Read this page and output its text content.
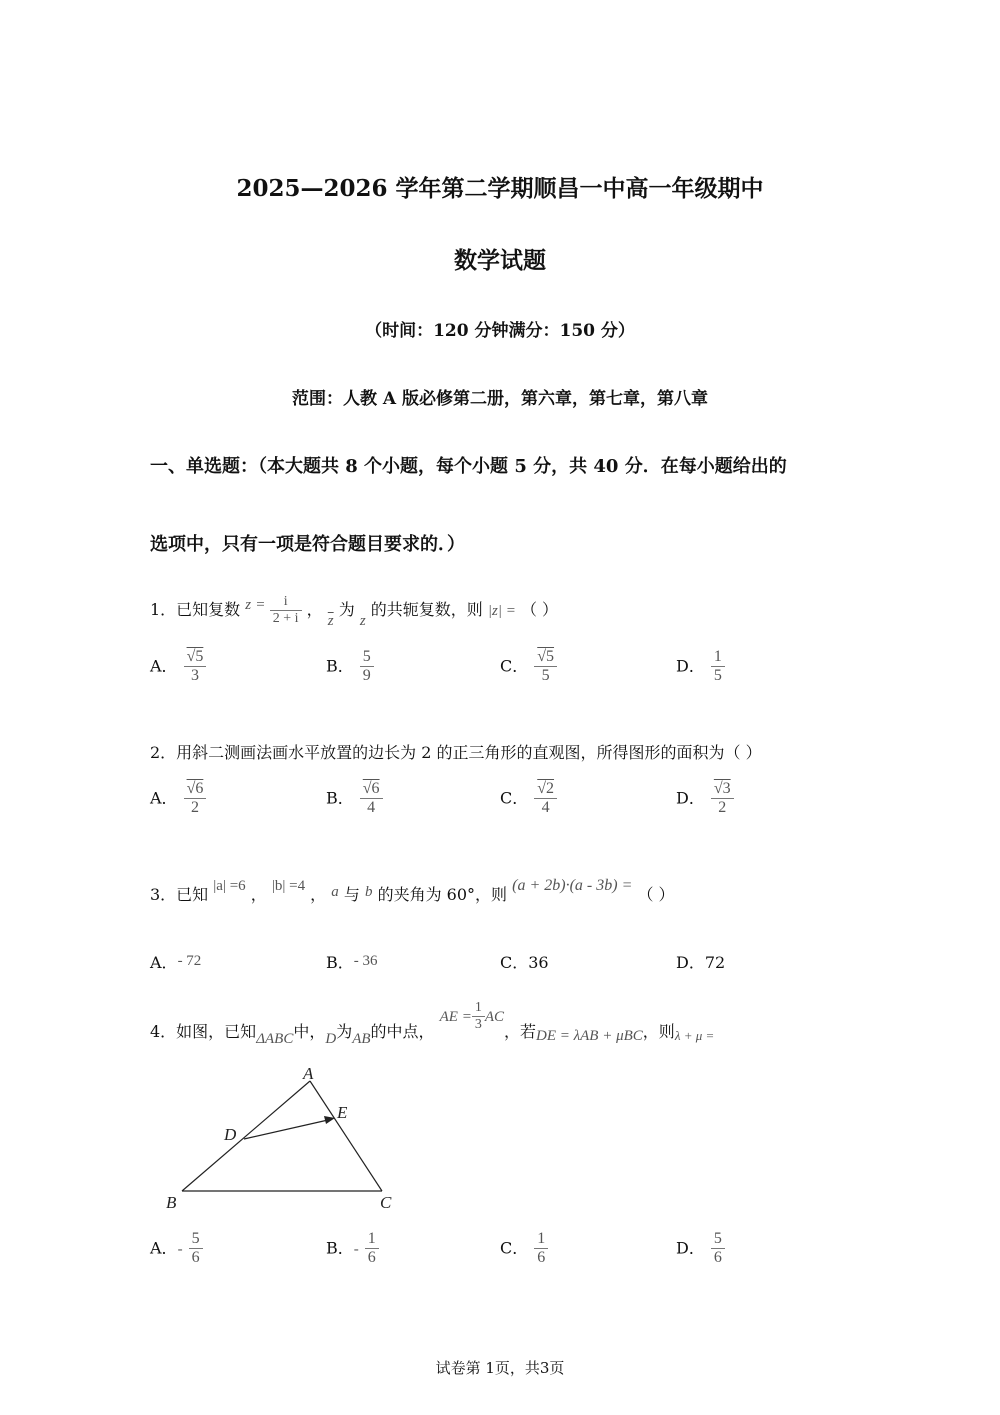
2025—2026 学年第二学期顺昌一中高一年级期中
数学试题
（时间：120 分钟满分：150 分）
范围：人教 A 版必修第二册，第六章，第七章，第八章
一、单选题：（本大题共 8 个小题，每个小题 5 分，共 40 分．在每小题给出的
选项中，只有一项是符合题目要求的．）
1．已知复数 $z = \frac{i}{2 + i}$ ， $\overline{z}$ 为 z 的共轭复数，则 |z| = （ ）
A． $\frac{√5}{3}$	B． $\frac{5}{9}$	C． $\frac{√5}{5}$	D． $\frac{1}{5}$
2．用斜二测画法画水平放置的边长为 2 的正三角形的直观图，所得图形的面积为（ ）
A． $\frac{√6}{2}$	B． $\frac{√6}{4}$	C． $\frac{√2}{4}$	D． $\frac{√3}{2}$
3．已知 |a| =6 ， |b| =4 ， a 与 b 的夹角为 60°，则 (a + 2b)·(a - 3b) = （ ）
A．- 72	B．- 36	C．36	D．72
4．如图，已知ΔABC中，D为AB的中点， AE = $\frac{1}{3}$ AC，若DE = λAB + μBC，则$_{\lambda + \mu =}$
A
B	C
D
E
A．- $\frac{5}{6}$	B．- $\frac{1}{6}$	C． $\frac{1}{6}$	D． $\frac{5}{6}$
试卷第 1页，共3页
